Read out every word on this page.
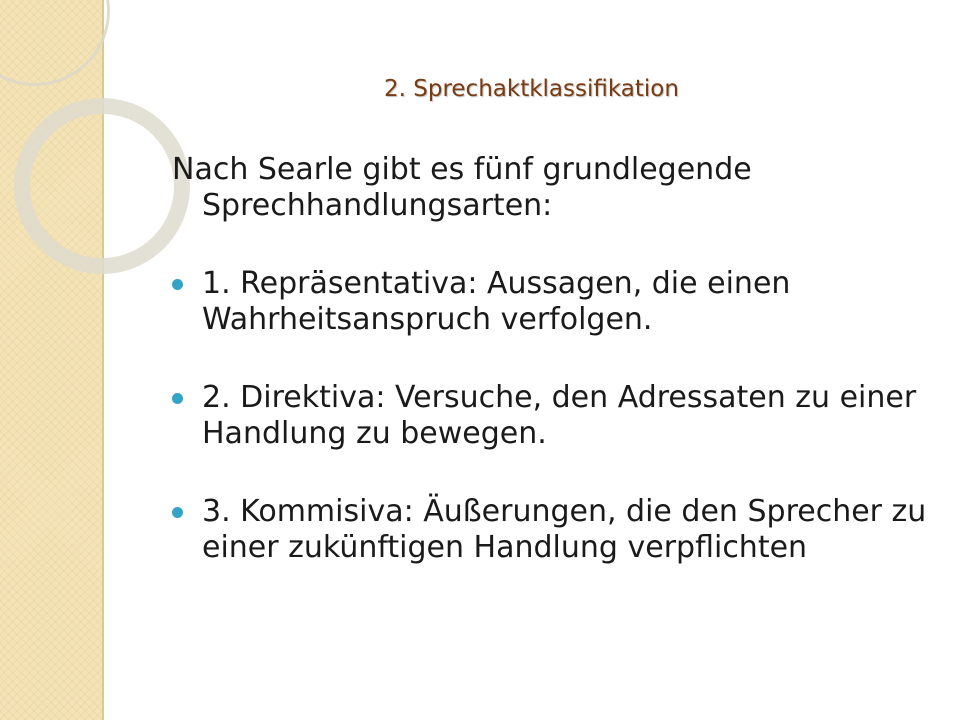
2. Sprechaktklassifikation

Nach Searle gibt es fünf grundlegende Sprechhandlungsarten:

1. Repräsentativa: Aussagen, die einen Wahrheitsanspruch verfolgen.
2. Direktiva: Versuche, den Adressaten zu einer Handlung zu bewegen.
3. Kommisiva: Äußerungen, die den Sprecher zu einer zukünftigen Handlung verpflichten
